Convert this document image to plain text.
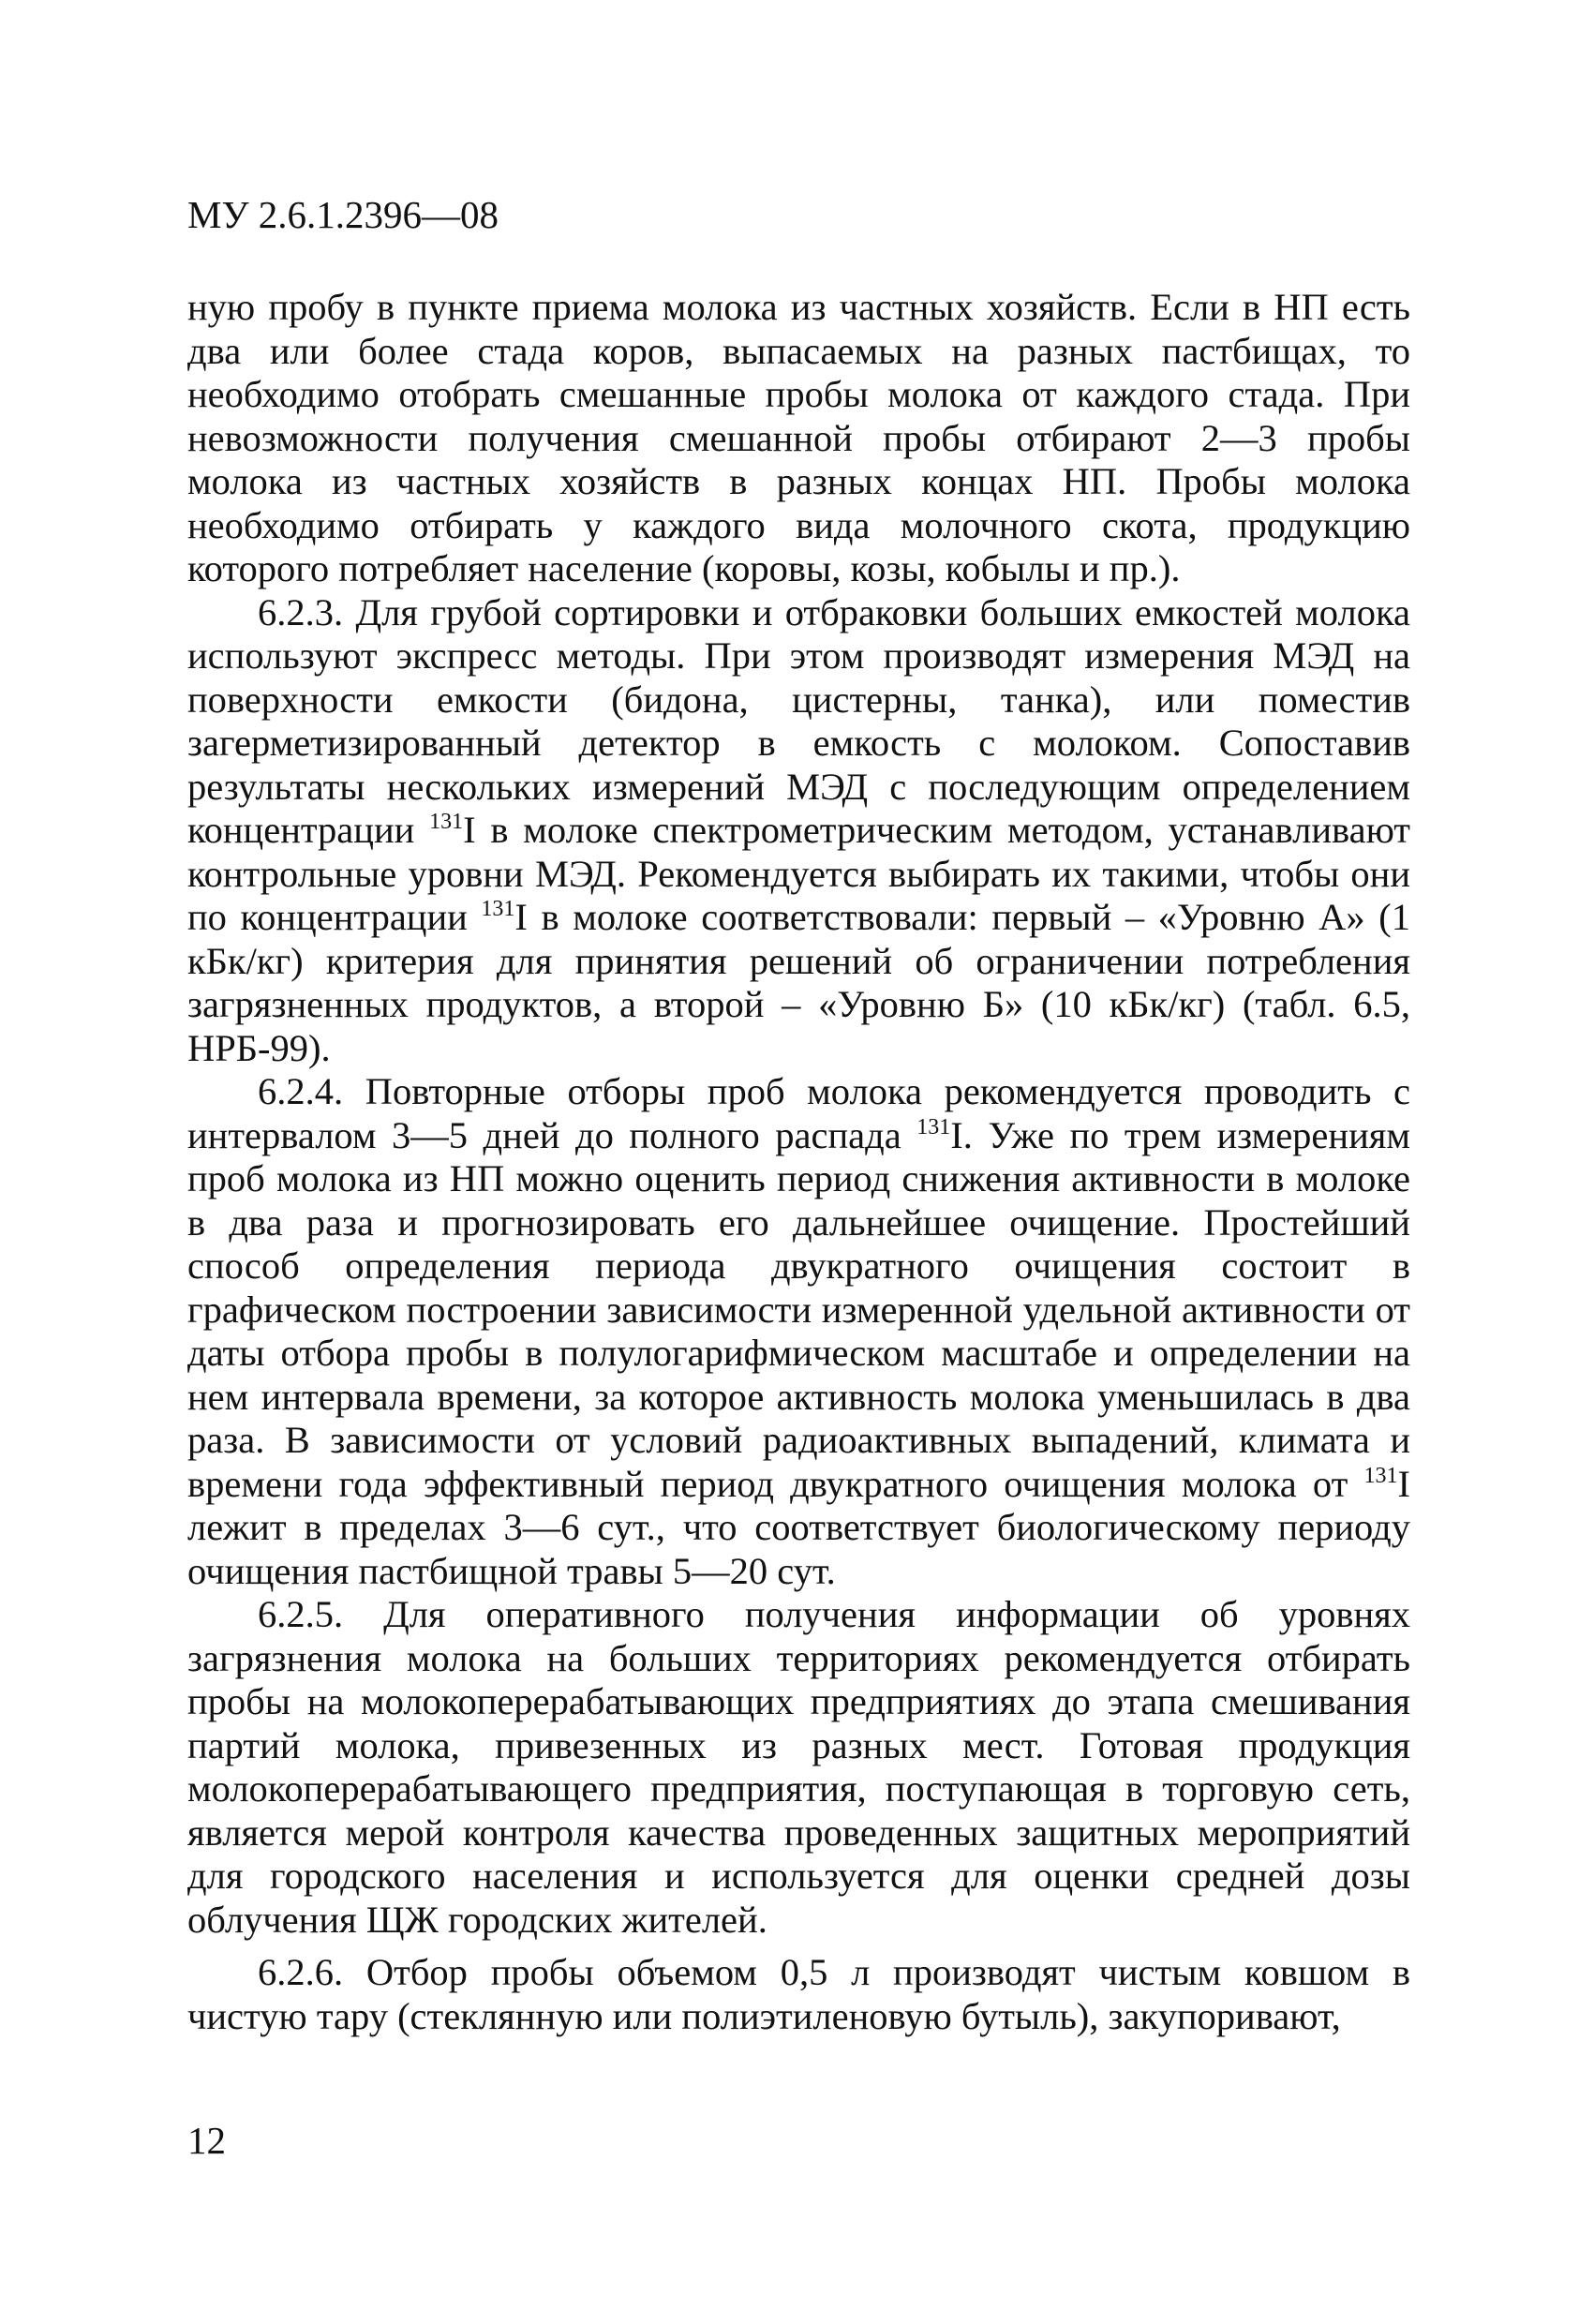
МУ 2.6.1.2396—08

ную пробу в пункте приема молока из частных хозяйств. Если в НП есть два или более стада коров, выпасаемых на разных пастбищах, то необходимо отобрать смешанные пробы молока от каждого стада. При невозможности получения смешанной пробы отбирают 2—3 пробы молока из частных хозяйств в разных концах НП. Пробы молока необходимо отбирать у каждого вида молочного скота, продукцию которого потребляет население (коровы, козы, кобылы и пр.).

6.2.3. Для грубой сортировки и отбраковки больших емкостей молока используют экспресс методы. При этом производят измерения МЭД на поверхности емкости (бидона, цистерны, танка), или поместив загерметизированный детектор в емкость с молоком. Сопоставив результаты нескольких измерений МЭД с последующим определением концентрации $^{131}$I в молоке спектрометрическим методом, устанавливают контрольные уровни МЭД. Рекомендуется выбирать их такими, чтобы они по концентрации $^{131}$I в молоке соответствовали: первый – «Уровню А» (1 кБк/кг) критерия для принятия решений об ограничении потребления загрязненных продуктов, а второй – «Уровню Б» (10 кБк/кг) (табл. 6.5, НРБ-99).

6.2.4. Повторные отборы проб молока рекомендуется проводить с интервалом 3—5 дней до полного распада $^{131}$I. Уже по трем измерениям проб молока из НП можно оценить период снижения активности в молоке в два раза и прогнозировать его дальнейшее очищение. Простейший способ определения периода двукратного очищения состоит в графическом построении зависимости измеренной удельной активности от даты отбора пробы в полулогарифмическом масштабе и определении на нем интервала времени, за которое активность молока уменьшилась в два раза. В зависимости от условий радиоактивных выпадений, климата и времени года эффективный период двукратного очищения молока от $^{131}$I лежит в пределах 3—6 сут., что соответствует биологическому периоду очищения пастбищной травы 5—20 сут.

6.2.5. Для оперативного получения информации об уровнях загрязнения молока на больших территориях рекомендуется отбирать пробы на молокоперерабатывающих предприятиях до этапа смешивания партий молока, привезенных из разных мест. Готовая продукция молокоперерабатывающего предприятия, поступающая в торговую сеть, является мерой контроля качества проведенных защитных мероприятий для городского населения и используется для оценки средней дозы облучения ЩЖ городских жителей.

6.2.6. Отбор пробы объемом 0,5 л производят чистым ковшом в чистую тару (стеклянную или полиэтиленовую бутыль), закупоривают,

12
